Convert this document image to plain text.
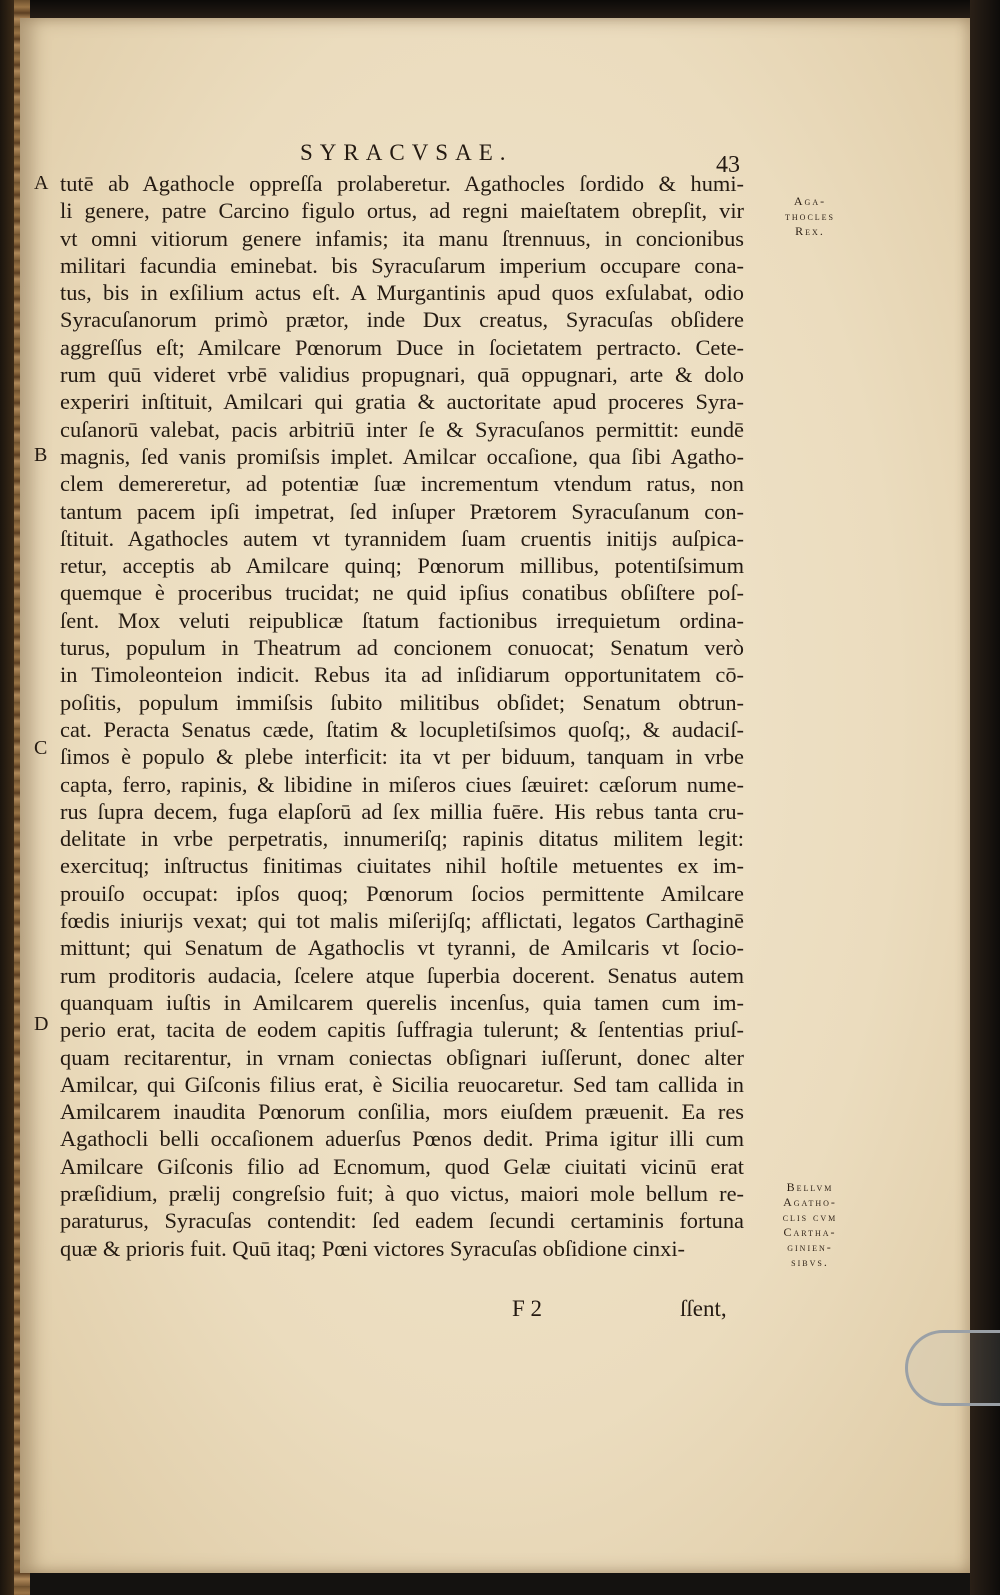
SYRACVSAE.	43
A
B
C
D
Aga-
thocles
Rex.
Bellvm
Agatho-
clis cvm
Cartha-
ginien-
sibvs.
tutē ab Agathocle oppreſſa prolaberetur. Agathocles ſordido & humi-
li genere, patre Carcino figulo ortus, ad regni maieſtatem obrepſit, vir
vt omni vitiorum genere infamis; ita manu ſtrennuus, in concionibus
militari facundia eminebat. bis Syracuſarum imperium occupare cona-
tus, bis in exſilium actus eſt. A Murgantinis apud quos exſulabat, odio
Syracuſanorum primò prætor, inde Dux creatus, Syracuſas obſidere
aggreſſus eſt; Amilcare Pœnorum Duce in ſocietatem pertracto. Cete-
rum quū videret vrbē validius propugnari, quā oppugnari, arte & dolo
experiri inſtituit, Amilcari qui gratia & auctoritate apud proceres Syra-
cuſanorū valebat, pacis arbitriū inter ſe & Syracuſanos permittit: eundē
magnis, ſed vanis promiſsis implet. Amilcar occaſione, qua ſibi Agatho-
clem demereretur, ad potentiæ ſuæ incrementum vtendum ratus, non
tantum pacem ipſi impetrat, ſed inſuper Prætorem Syracuſanum con-
ſtituit. Agathocles autem vt tyrannidem ſuam cruentis initijs auſpica-
retur, acceptis ab Amilcare quinq; Pœnorum millibus, potentiſsimum
quemque è proceribus trucidat; ne quid ipſius conatibus obſiſtere poſ-
ſent. Mox veluti reipublicæ ſtatum factionibus irrequietum ordina-
turus, populum in Theatrum ad concionem conuocat; Senatum verò
in Timoleonteion indicit. Rebus ita ad inſidiarum opportunitatem cō-
poſitis, populum immiſsis ſubito militibus obſidet; Senatum obtrun-
cat. Peracta Senatus cæde, ſtatim & locupletiſsimos quoſq;, & audaciſ-
ſimos è populo & plebe interficit: ita vt per biduum, tanquam in vrbe
capta, ferro, rapinis, & libidine in miſeros ciues ſæuiret: cæſorum nume-
rus ſupra decem, fuga elapſorū ad ſex millia fuēre. His rebus tanta cru-
delitate in vrbe perpetratis, innumeriſq; rapinis ditatus militem legit:
exercituq; inſtructus finitimas ciuitates nihil hoſtile metuentes ex im-
prouiſo occupat: ipſos quoq; Pœnorum ſocios permittente Amilcare
fœdis iniurijs vexat; qui tot malis miſerijſq; afflictati, legatos Carthaginē
mittunt; qui Senatum de Agathoclis vt tyranni, de Amilcaris vt ſocio-
rum proditoris audacia, ſcelere atque ſuperbia docerent. Senatus autem
quanquam iuſtis in Amilcarem querelis incenſus, quia tamen cum im-
perio erat, tacita de eodem capitis ſuffragia tulerunt; & ſententias priuſ-
quam recitarentur, in vrnam coniectas obſignari iuſſerunt, donec alter
Amilcar, qui Giſconis filius erat, è Sicilia reuocaretur. Sed tam callida in
Amilcarem inaudita Pœnorum conſilia, mors eiuſdem præuenit. Ea res
Agathocli belli occaſionem aduerſus Pœnos dedit. Prima igitur illi cum
Amilcare Giſconis filio ad Ecnomum, quod Gelæ ciuitati vicinū erat
præſidium, prælij congreſsio fuit; à quo victus, maiori mole bellum re-
paraturus, Syracuſas contendit: ſed eadem ſecundi certaminis fortuna
quæ & prioris fuit. Quū itaq; Pœni victores Syracuſas obſidione cinxi-
F 2	ſſent,
